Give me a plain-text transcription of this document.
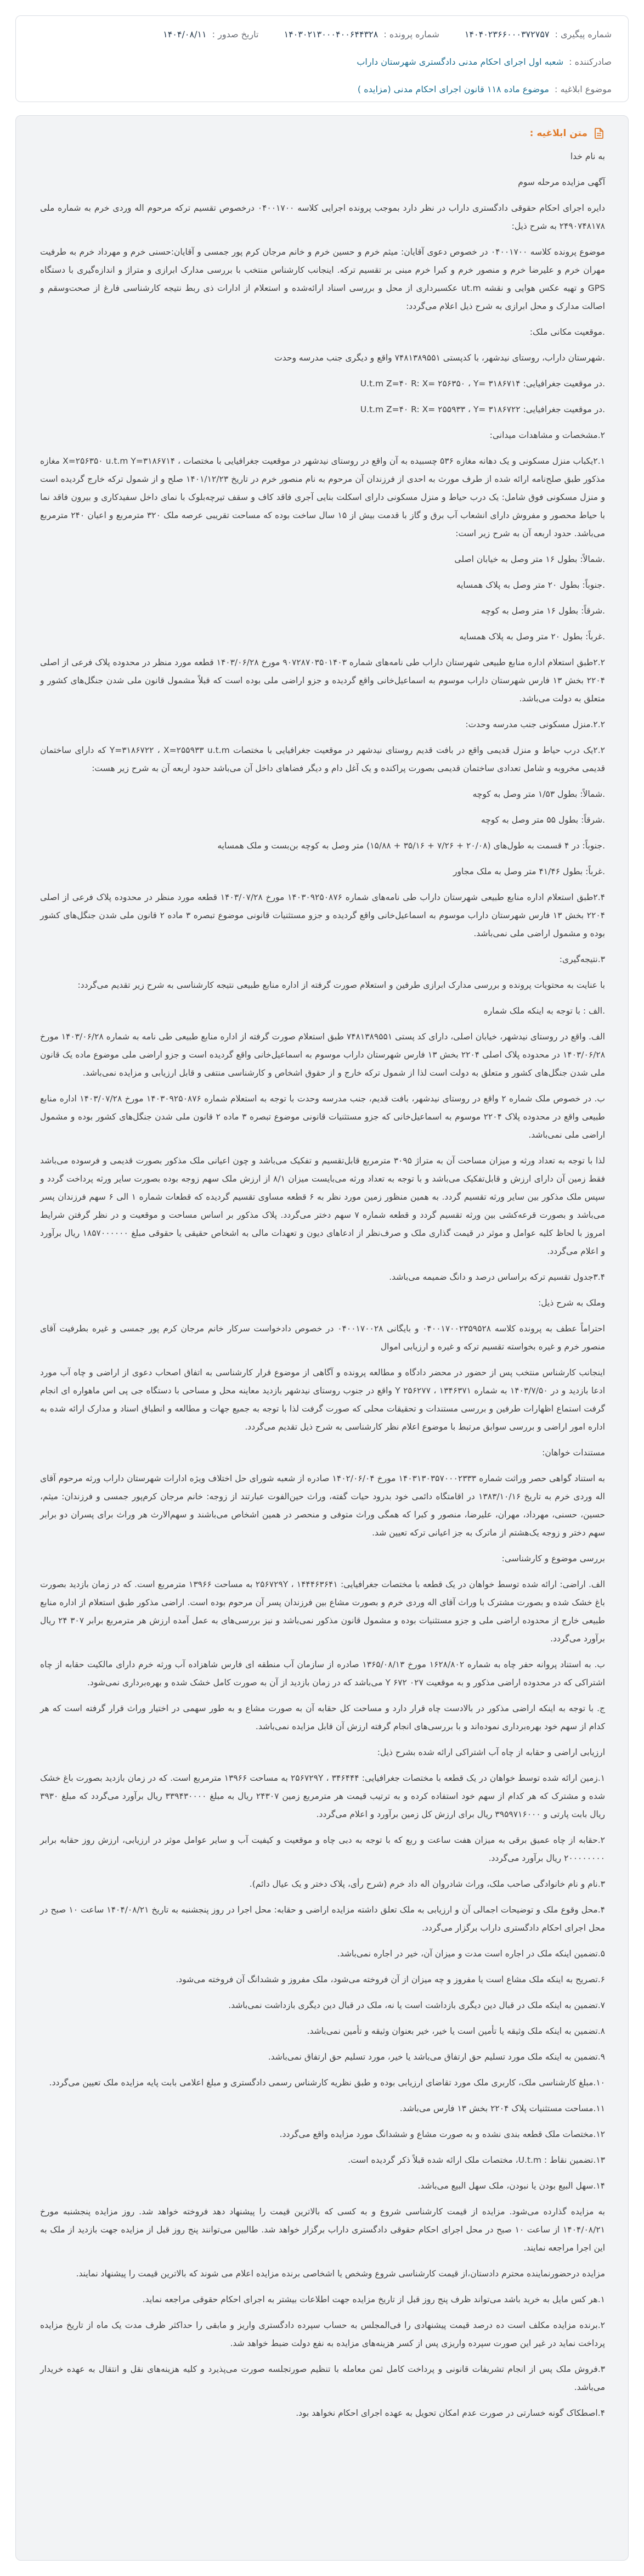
شماره پیگیری :
۱۴۰۴۰۲۳۶۶۰۰۰۳۷۲۷۵۷
شماره پرونده :
۱۴۰۳۰۲۱۳۰۰۰۴۰۰۶۴۴۳۲۸
تاریخ صدور :
۱۴۰۴/۰۸/۱۱
صادرکننده :
شعبه اول اجرای احکام مدنی دادگستری شهرستان داراب
موضوع ابلاغیه :
موضوع ماده ۱۱۸ قانون اجرای احکام مدنی (مزایده )
متن ابلاغیه :

به نام خدا

آگهی مزایده مرحله سوم

دایره اجرای احکام حقوقی دادگستری داراب در نظر دارد بموجب پرونده اجرایی کلاسه ۰۴۰۰۱۷۰۰ درخصوص تقسیم ترکه مرحوم اله وردی خرم به شماره ملی ۲۴۹۰۷۴۸۱۷۸ به شرح ذیل:

موضوع پرونده کلاسه ۰۴۰۰۱۷۰۰ در خصوص دعوی آقایان: میثم خرم و حسین خرم و خانم مرجان کرم پور جمسی و آقایان:حسنی خرم و مهرداد خرم به طرفیت مهران خرم و علیرضا خرم و منصور خرم و کبرا خرم مبنی بر تقسیم ترکه. اینجانب کارشناس منتخب با بررسی مدارک ابرازی و متراژ و اندازه‌گیری با دستگاه GPS و تهیه عکس هوایی و نقشه ut.m عکسبرداری از محل و بررسی اسناد ارائه‌شده و استعلام از ادارات ذی ربط نتیجه کارشناسی فارغ از صحت‌وسقم و اصالت مدارک و محل ابرازی به شرح ذیل اعلام می‌گردد:

.موقعیت مکانی ملک:

.شهرستان داراب، روستای نیدشهر، با کدپستی ۷۴۸۱۳۸۹۵۵۱ واقع و دیگری جنب مدرسه وحدت

.در موقعیت جغرافیایی: U.t.m Z=۴۰ R: X= ۲۵۶۳۵۰ ، Y= ۳۱۸۶۷۱۴

.در موقعیت جغرافیایی: U.t.m Z=۴۰ R: X= ۲۵۵۹۳۳ ، Y= ۳۱۸۶۷۲۲

۲.مشخصات و مشاهدات میدانی:

۲.۱یکباب منزل مسکونی و یک دهانه مغازه ۵۳۶ چسبیده به آن واقع در روستای نیدشهر در موقعیت جغرافیایی با مختصات ، X=۲۵۶۳۵۰ u.t.m Y=۳۱۸۶۷۱۴ مغازه مذکور طبق صلح‌نامه ارائه شده از طرف مورث به احدی از فرزندان آن مرحوم به نام منصور خرم در تاریخ ۱۴۰۱/۱۲/۲۳ صلح و از شمول ترکه خارج گردیده است و منزل مسکونی فوق شامل: یک درب حیاط و منزل مسکونی دارای اسکلت بنایی آجری فاقد کاف و سقف تیرچه‌بلوک با نمای داخل سفیدکاری و بیرون فاقد نما با حیاط محصور و مفروش دارای انشعاب آب برق و گاز با قدمت بیش از ۱۵ سال ساخت بوده که مساحت تقریبی عرصه ملک ۳۲۰ مترمربع و اعیان ۲۴۰ مترمربع می‌باشد. حدود اربعه آن به شرح زیر است:

.شمالاً: بطول ۱۶ متر وصل به خیابان اصلی

.جنوباً: بطول ۲۰ متر وصل به پلاک همسایه

.شرقاً: بطول ۱۶ متر وصل به کوچه

.غرباً: بطول ۲۰ متر وصل به پلاک همسایه

۲.۲طبق استعلام اداره منابع طبیعی شهرستان داراب طی نامه‌های شماره ۹۰۷۲۸۷۰۳۵۰۱۴۰۳ مورخ ۱۴۰۳/۰۶/۲۸ قطعه مورد منظر در محدوده پلاک فرعی از اصلی ۲۲۰۴ بخش ۱۳ فارس شهرستان داراب موسوم به اسماعیل‌خانی واقع گردیده و جزو اراضی ملی بوده است که قبلاً مشمول قانون ملی شدن جنگل‌های کشور و متعلق به دولت می‌باشد.

۲.۲.منزل مسکونی جنب مدرسه وحدت:

۲.۲یک درب حیاط و منزل قدیمی واقع در بافت قدیم روستای نیدشهر در موقعیت جغرافیایی با مختصات Y=۳۱۸۶۷۲۲ ، X=۲۵۵۹۳۳ u.t.m که دارای ساختمان قدیمی مخروبه و شامل تعدادی ساختمان قدیمی بصورت پراکنده و یک آغل دام و دیگر فضاهای داخل آن می‌باشد حدود اربعه آن به شرح زیر هست:

.شمالاً: بطول ۱/۵۳ متر وصل به کوچه

.شرقاً: بطول ۵۵ متر وصل به کوچه

.جنوباً: در ۴ قسمت به طول‌های (۲۰/۰۸ + ۷/۲۶ + ۳۵/۱۶ + ۱۵/۸۸) متر وصل به کوچه بن‌بست و ملک همسایه

.غرباً: بطول ۴۱/۴۶ متر وصل به ملک مجاور

۲.۴طبق استعلام اداره منابع طبیعی شهرستان داراب طی نامه‌های شماره ۱۴۰۳۰۹۲۵۰۸۷۶ مورخ ۱۴۰۳/۰۷/۲۸ قطعه مورد منظر در محدوده پلاک فرعی از اصلی ۲۲۰۴ بخش ۱۳ فارس شهرستان داراب موسوم به اسماعیل‌خانی واقع گردیده و جزو مستثنیات قانونی موضوع تبصره ۳ ماده ۲ قانون ملی شدن جنگل‌های کشور بوده و مشمول اراضی ملی نمی‌باشد.

۳.نتیجه‌گیری:

با عنایت به محتویات پرونده و بررسی مدارک ابرازی طرفین و استعلام صورت گرفته از اداره منابع طبیعی نتیجه کارشناسی به شرح زیر تقدیم می‌گردد:

.الف : با توجه به اینکه ملک شماره

الف. واقع در روستای نیدشهر، خیابان اصلی، دارای کد پستی ۷۴۸۱۳۸۹۵۵۱ طبق استعلام صورت گرفته از اداره منابع طبیعی طی نامه به شماره ۱۴۰۳/۰۶/۲۸ مورخ ۱۴۰۳/۰۶/۲۸ در محدوده پلاک اصلی ۲۲۰۴ بخش ۱۳ فارس شهرستان داراب موسوم به اسماعیل‌خانی واقع گردیده است و جزو اراضی ملی موضوع ماده یک قانون ملی شدن جنگل‌های کشور و متعلق به دولت است لذا از شمول ترکه خارج و از حقوق اشخاص و کارشناسی منتفی و قابل ارزیابی و مزایده نمی‌باشد.

ب. در خصوص ملک شماره ۲ واقع در روستای نیدشهر، بافت قدیم، جنب مدرسه وحدت با توجه به استعلام شماره ۱۴۰۳۰۹۲۵۰۸۷۶ مورخ ۱۴۰۳/۰۷/۲۸ اداره منابع طبیعی واقع در محدوده پلاک ۲۲۰۴ موسوم به اسماعیل‌خانی که جزو مستثنیات قانونی موضوع تبصره ۳ ماده ۲ قانون ملی شدن جنگل‌های کشور بوده و مشمول اراضی ملی نمی‌باشد.

لذا با توجه به تعداد ورثه و میزان مساحت آن به متراژ ۳۰۹۵ مترمربع قابل‌تقسیم و تفکیک می‌باشد و چون اعیانی ملک مذکور بصورت قدیمی و فرسوده می‌باشد فقط زمین آن دارای ارزش و قابل‌تفکیک می‌باشد و با توجه به تعداد ورثه می‌بایست میزان ۸/۱ از ارزش ملک سهم زوجه بوده بصورت سایر ورثه پرداخت گردد و سپس ملک مذکور بین سایر ورثه تقسیم گردد. به همین منظور زمین مورد نظر به ۶ قطعه مساوی تقسیم گردیده که قطعات شماره ۱ الی ۶ سهم فرزندان پسر می‌باشد و بصورت قرعه‌کشی بین ورثه تقسیم گردد و قطعه شماره ۷ سهم دختر می‌گردد. پلاک مذکور بر اساس مساحت و موقعیت و در نظر گرفتن شرایط امروز با لحاظ کلیه عوامل و موثر در قیمت گذاری ملک و صرف‌نظر از ادعاهای دیون و تعهدات مالی به اشخاص حقیقی یا حقوقی مبلغ ۱۸۵۷۰۰۰۰۰۰ ریال برآورد و اعلام می‌گردد.

۳.۴جدول تقسیم ترکه براساس درصد و دانگ ضمیمه می‌باشد.

وملک به شرح ذیل:

احتراماً عطف به پرونده کلاسه ۰۴۰۰۱۷۰۰۲۳۵۹۵۲۸ و بایگانی ۰۴۰۰۱۷۰۰۲۸ در خصوص دادخواست سرکار خانم مرجان کرم پور جمسی و غیره بطرفیت آقای منصور خرم و غیره بخواسته تقسیم ترکه و غیره و ارزیابی اموال

اینجانب کارشناس منتخب پس از حضور در محضر دادگاه و مطالعه پرونده و آگاهی از موضوع قرار کارشناسی به اتفاق اصحاب دعوی از اراضی و چاه آب مورد ادعا بازدید و در ۱۴۰۳/۷/۵۰ به شماره ۱۳۴۶۳۷۱ ، ۲۵۶۲۷۷ Y واقع در جنوب روستای نیدشهر بازدید معاینه محل و مساحی با دستگاه جی پی اس ماهواره ای انجام گرفت استماع اظهارات طرفین و بررسی مستندات و تحقیقات محلی که صورت گرفت لذا با توجه به جمیع جهات و مطالعه و انطباق اسناد و مدارک ارائه شده به اداره امور اراضی و بررسی سوابق مرتبط با موضوع اعلام نظر کارشناسی به شرح ذیل تقدیم می‌گردد.

مستندات خواهان:

به استناد گواهی حصر وراثت شماره ۱۴۰۳۱۳۰۳۵۷۰۰۰۲۳۳۳ مورخ ۱۴۰۲/۰۶/۰۴ صادره از شعبه شورای حل اختلاف ویژه ادارات شهرستان داراب ورثه مرحوم آقای اله وردی خرم به تاریخ ۱۳۸۳/۱۰/۱۶ در اقامتگاه دائمی خود بدرود حیات گفته، وراث حین‌الفوت عبارتند از زوجه: خانم مرجان کرم‌پور جمسی و فرزندان: میثم، حسین، حسنی، مهرداد، مهران، علیرضا، منصور و کبرا که همگی وراث متوفی و منحصر در همین اشخاص می‌باشند و سهم‌الارث هر وراث برای پسران دو برابر سهم دختر و زوجه یک‌هشتم از ماترک به جز اعیانی ترکه تعیین شد.

بررسی موضوع و کارشناسی:

الف. اراضی: ارائه شده توسط خواهان در یک قطعه با مختصات جغرافیایی: ۱۴۴۴۶۳۶۴۱ ، ۲۵۶۷۲۹Y به مساحت ۱۳۹۶۶ مترمربع است. که در زمان بازدید بصورت باغ خشک شده و بصورت مشترک با وراث آقای اله وردی خرم و بصورت مشاع بین فرزندان پسر آن مرحوم بوده است. اراضی مذکور طبق استعلام از اداره منابع طبیعی خارج از محدوده اراضی ملی و جزو مستثنیات بوده و مشمول قانون مذکور نمی‌باشد و نیز بررسی‌های به عمل آمده ارزش هر مترمربع برابر ۳۰۷ ۲۴ ریال برآورد می‌گردد.

ب. به استناد پروانه حفر چاه به شماره ۱۶۲۸/۸۰۲ مورخ ۱۳۶۵/۰۸/۱۳ صادره از سازمان آب منطقه ای فارس شاهزاده آب ورثه خرم دارای مالکیت حقابه از چاه اشتراکی که در محدوده اراضی مذکور و به موقعیت ۰۲۷ ۶۷۲ Y می‌باشد که در زمان بازدید از آن به صورت کامل خشک شده و بهره‌برداری نمی‌شود.

ج. با توجه به اینکه اراضی مذکور در بالادست چاه قرار دارد و مساحت کل حقابه آن به صورت مشاع و به طور سهمی در اختیار وراث قرار گرفته است که هر کدام از سهم خود بهره‌برداری نموده‌اند و با بررسی‌های انجام گرفته ارزش آن قابل مزایده نمی‌باشد.

ارزیابی اراضی و حقابه از چاه آب اشتراکی ارائه شده بشرح ذیل:

۱.زمین ارائه شده توسط خواهان در یک قطعه با مختصات جغرافیایی: ۳۴۶۴۴۴ ، ۲۵۶۷۲۹Y به مساحت ۱۳۹۶۶ مترمربع است. که در زمان بازدید بصورت باغ خشک شده و مشترک که هر کدام از سهم خود استفاده کرده و به ترتیب قیمت هر مترمربع زمین ۲۴۳۰۷ ریال به مبلغ ۳۳۹۴۳۰۰۰۰ ریال برآورد می‌گردد که مبلغ ۳۹۳۰ ریال بابت پارتی و ۳۹۵۹۷۱۶۰۰۰ ریال برای ارزش کل زمین برآورد و اعلام می‌گردد.

۲.حقابه از چاه عمیق برقی به میزان هفت ساعت و ربع که با توجه به دبی چاه و موقعیت و کیفیت آب و سایر عوامل موثر در ارزیابی، ارزش روز حقابه برابر ۲۰۰۰۰۰۰۰۰ ریال برآورد می‌گردد.

۳.نام و نام خانوادگی صاحب ملک، وراث شادروان اله داد خرم (شرح رأی، پلاک دختر و یک عیال دائم).

۴.محل وقوع ملک و توضیحات اجمالی آن و ارزیابی به ملک تعلق داشته مزایده اراضی و حقابه: محل اجرا در روز پنجشنبه به تاریخ ۱۴۰۴/۰۸/۲۱ ساعت ۱۰ صبح در محل اجرای احکام دادگستری داراب برگزار می‌گردد.

۵.تضمین اینکه ملک در اجاره است مدت و میزان آن، خیر در اجاره نمی‌باشد.

۶.تصریح به اینکه ملک مشاع است یا مفروز و چه میزان از آن فروخته می‌شود، ملک مفروز و ششدانگ آن فروخته می‌شود.

۷.تضمین به اینکه ملک در قبال دین دیگری بازداشت است یا نه، ملک در قبال دین دیگری بازداشت نمی‌باشد.

۸.تضمین به اینکه ملک وثیقه یا تأمین است یا خیر، خیر بعنوان وثیقه و تأمین نمی‌باشد.

۹.تضمین به اینکه ملک مورد تسلیم حق ارتفاق می‌باشد یا خیر، مورد تسلیم حق ارتفاق نمی‌باشد.

۱۰.مبلغ کارشناسی ملک، کاربری ملک مورد تقاضای ارزیابی بوده و طبق نظریه کارشناس رسمی دادگستری و مبلغ اعلامی بابت پایه مزایده ملک تعیین می‌گردد.

۱۱.مساحت مستثنیات پلاک ۲۲۰۴ بخش ۱۳ فارس می‌باشد.

۱۲.مختصات ملک قطعه بندی نشده و به صورت مشاع و ششدانگ مورد مزایده واقع می‌گردد.

۱۳.تضمین نقاط : U.t.m، مختصات ملک ارائه شده قبلاً ذکر گردیده است.

۱۴.سهل البیع بودن یا نبودن، ملک سهل البیع می‌باشد.

به مزایده گذارده می‌شود. مزایده از قیمت کارشناسی شروع و به کسی که بالاترین قیمت را پیشنهاد دهد فروخته خواهد شد. روز مزایده پنجشنبه مورخ ۱۴۰۴/۰۸/۲۱ از ساعت ۱۰ صبح در محل اجرای احکام حقوقی دادگستری داراب برگزار خواهد شد. طالبین می‌توانند پنج روز قبل از مزایده جهت بازدید از ملک به این اجرا مراجعه نمایند.

مزایده درحضورنماینده محترم دادستان،از قیمت کارشناسی شروع وشخص یا اشخاصی برنده مزایده اعلام می شوند که بالاترین قیمت را پیشنهاد نمایند.

۱.هر کس مایل به خرید باشد می‌تواند ظرف پنج روز قبل از تاریخ مزایده جهت اطلاعات بیشتر به اجرای احکام حقوقی مراجعه نماید.

۲.برنده مزایده مکلف است ده درصد قیمت پیشنهادی را فی‌المجلس به حساب سپرده دادگستری واریز و مابقی را حداکثر ظرف مدت یک ماه از تاریخ مزایده پرداخت نماید در غیر این صورت سپرده واریزی پس از کسر هزینه‌های مزایده به نفع دولت ضبط خواهد شد.

۳.فروش ملک پس از انجام تشریفات قانونی و پرداخت کامل ثمن معامله با تنظیم صورتجلسه صورت می‌پذیرد و کلیه هزینه‌های نقل و انتقال به عهده خریدار می‌باشد.

۴.اصطکاک گونه خسارتی در صورت عدم امکان تحویل به عهده اجرای احکام نخواهد بود.
